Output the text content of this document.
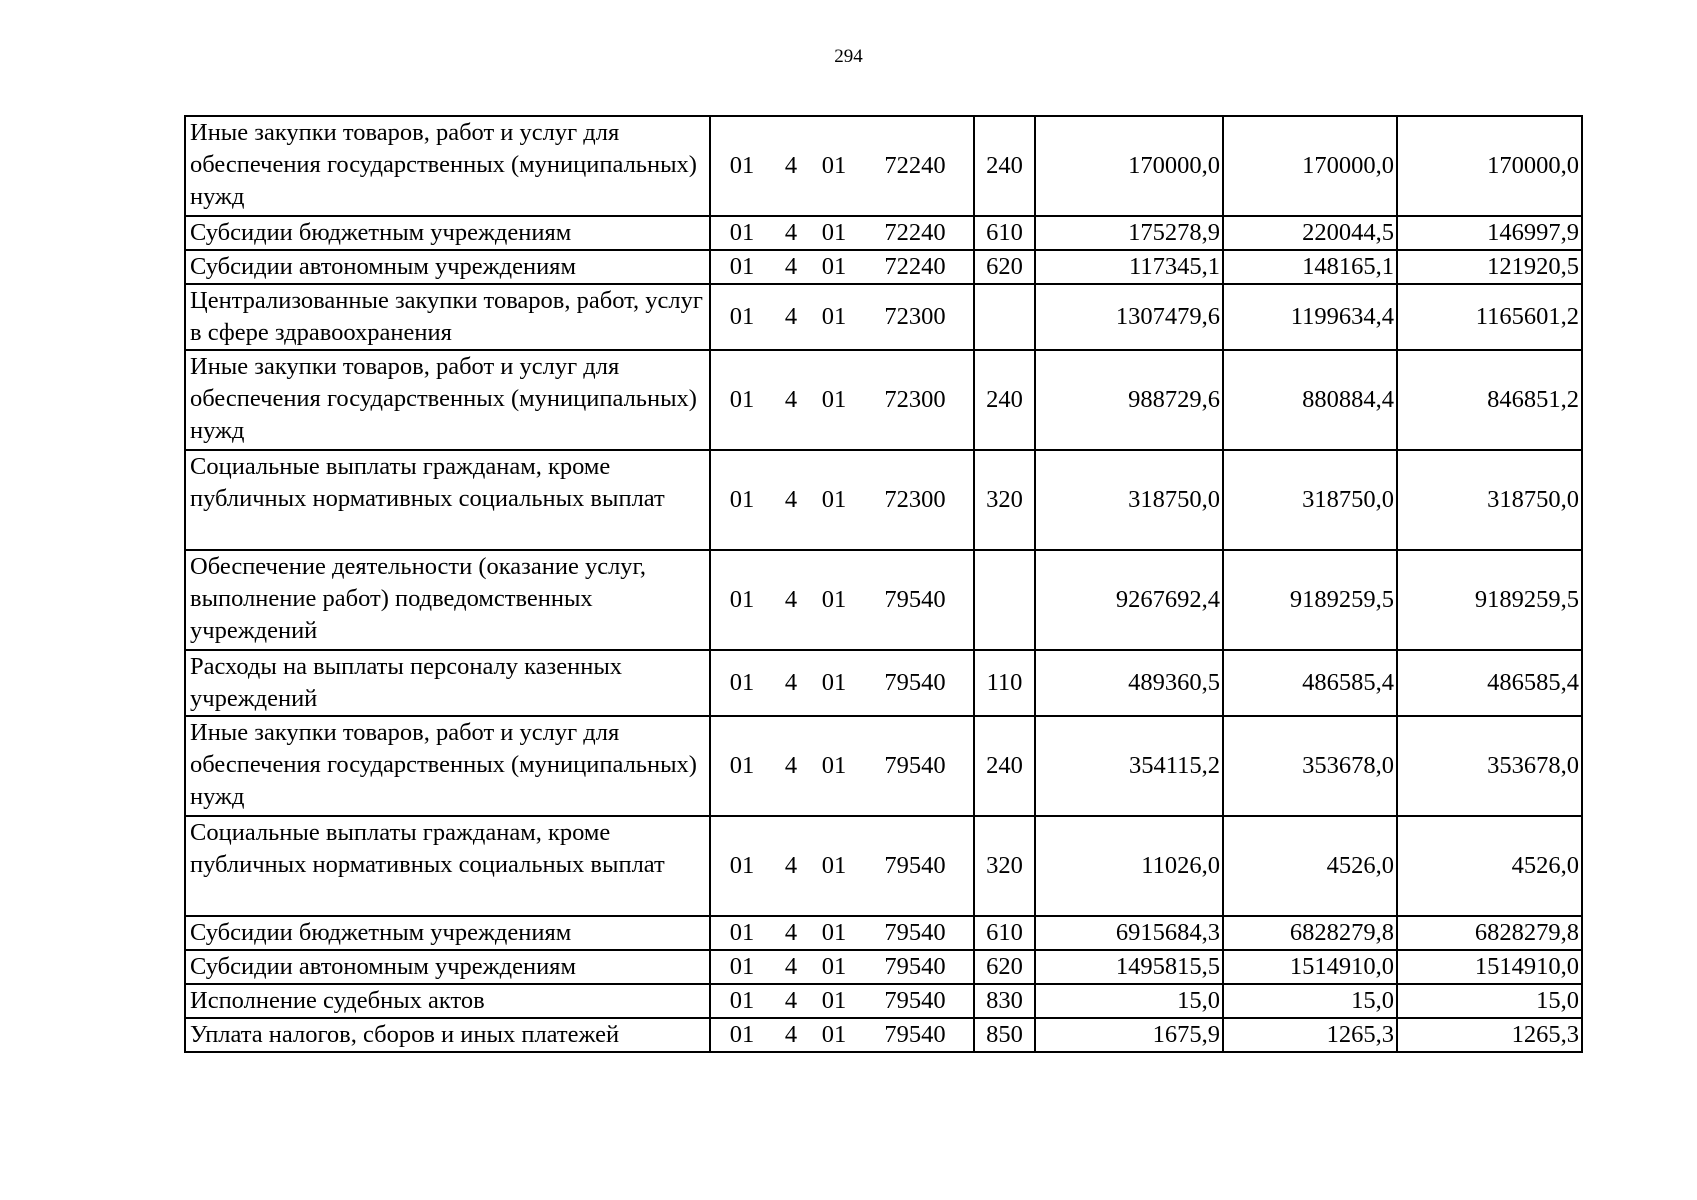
294
Иные закупки товаров, работ и услуг для обеспечения государственных (муниципальных) нужд	01 4 01 72240	240	170000,0	170000,0	170000,0
Субсидии бюджетным учреждениям	01 4 01 72240	610	175278,9	220044,5	146997,9
Субсидии автономным учреждениям	01 4 01 72240	620	117345,1	148165,1	121920,5
Централизованные закупки товаров, работ, услуг в сфере здравоохранения	01 4 01 72300		1307479,6	1199634,4	1165601,2
Иные закупки товаров, работ и услуг для обеспечения государственных (муниципальных) нужд	01 4 01 72300	240	988729,6	880884,4	846851,2
Социальные выплаты гражданам, кроме публичных нормативных социальных выплат	01 4 01 72300	320	318750,0	318750,0	318750,0
Обеспечение деятельности (оказание услуг, выполнение работ) подведомственных учреждений	01 4 01 79540		9267692,4	9189259,5	9189259,5
Расходы на выплаты персоналу казенных учреждений	01 4 01 79540	110	489360,5	486585,4	486585,4
Иные закупки товаров, работ и услуг для обеспечения государственных (муниципальных) нужд	01 4 01 79540	240	354115,2	353678,0	353678,0
Социальные выплаты гражданам, кроме публичных нормативных социальных выплат	01 4 01 79540	320	11026,0	4526,0	4526,0
Субсидии бюджетным учреждениям	01 4 01 79540	610	6915684,3	6828279,8	6828279,8
Субсидии автономным учреждениям	01 4 01 79540	620	1495815,5	1514910,0	1514910,0
Исполнение судебных актов	01 4 01 79540	830	15,0	15,0	15,0
Уплата налогов, сборов и иных платежей	01 4 01 79540	850	1675,9	1265,3	1265,3
